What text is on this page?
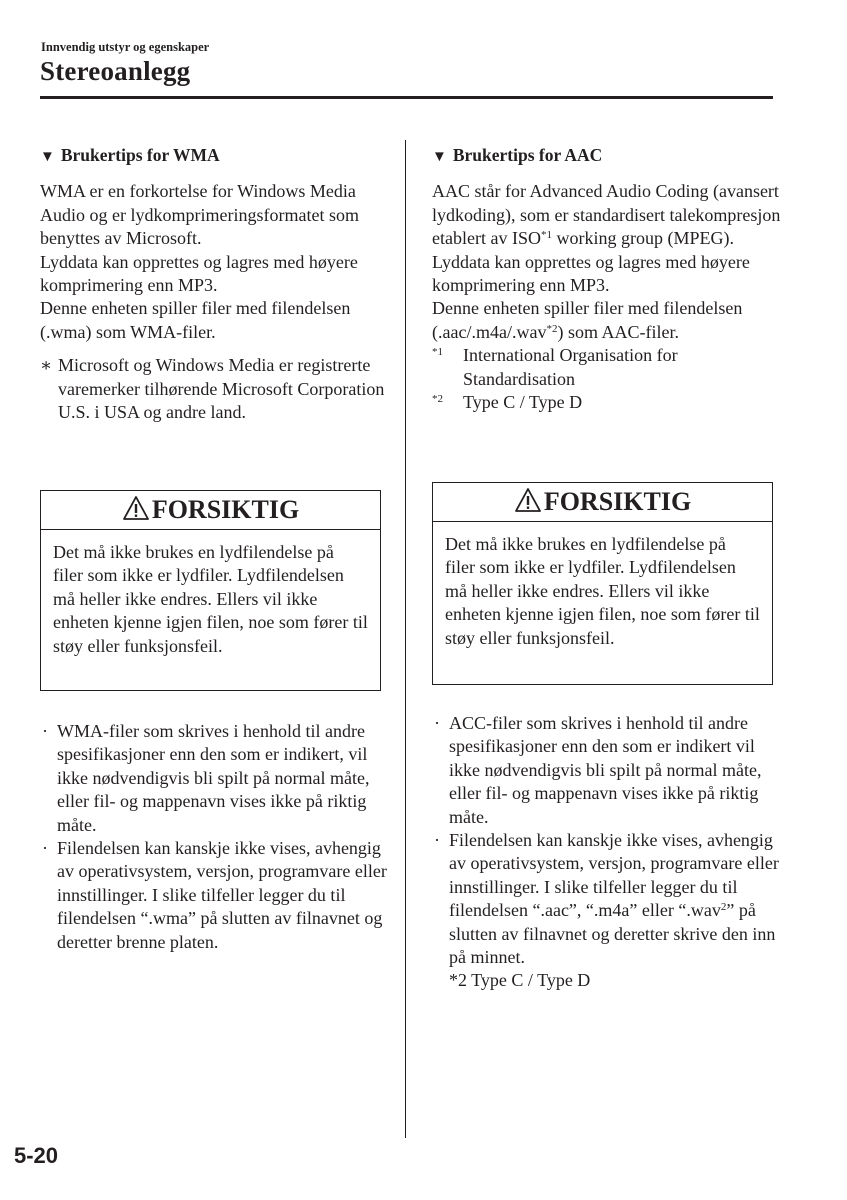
Innvendig utstyr og egenskaper
Stereoanlegg
▼ Brukertips for WMA

WMA er en forkortelse for Windows Media Audio og er lydkomprimeringsformatet som benyttes av Microsoft.

Lyddata kan opprettes og lagres med høyere komprimering enn MP3.

Denne enheten spiller filer med filendelsen (.wma) som WMA-filer.

∗ Microsoft og Windows Media er registrerte varemerker tilhørende Microsoft Corporation U.S. i USA og andre land.
FORSIKTIG
Det må ikke brukes en lydfilendelse på filer som ikke er lydfiler. Lydfilendelsen må heller ikke endres. Ellers vil ikke enheten kjenne igjen filen, noe som fører til støy eller funksjonsfeil.
· WMA-filer som skrives i henhold til andre spesifikasjoner enn den som er indikert, vil ikke nødvendigvis bli spilt på normal måte, eller fil- og mappenavn vises ikke på riktig måte.
· Filendelsen kan kanskje ikke vises, avhengig av operativsystem, versjon, programvare eller innstillinger. I slike tilfeller legger du til filendelsen “.wma” på slutten av filnavnet og deretter brenne platen.
▼ Brukertips for AAC

AAC står for Advanced Audio Coding (avansert lydkoding), som er standardisert talekompresjon etablert av ISO$^{*1}$ working group (MPEG). Lyddata kan opprettes og lagres med høyere komprimering enn MP3.

Denne enheten spiller filer med filendelsen (.aac/.m4a/.wav$^{*2}$) som AAC-filer.

$^{*1}$ International Organisation for Standardisation
$^{*2}$ Type C / Type D
FORSIKTIG
Det må ikke brukes en lydfilendelse på filer som ikke er lydfiler. Lydfilendelsen må heller ikke endres. Ellers vil ikke enheten kjenne igjen filen, noe som fører til støy eller funksjonsfeil.
· ACC-filer som skrives i henhold til andre spesifikasjoner enn den som er indikert vil ikke nødvendigvis bli spilt på normal måte, eller fil- og mappenavn vises ikke på riktig måte.
· Filendelsen kan kanskje ikke vises, avhengig av operativsystem, versjon, programvare eller innstillinger. I slike tilfeller legger du til filendelsen “.aac”, “.m4a” eller “.wav$^2$” på slutten av filnavnet og deretter skrive den inn på minnet.
*2 Type C / Type D
5-20
